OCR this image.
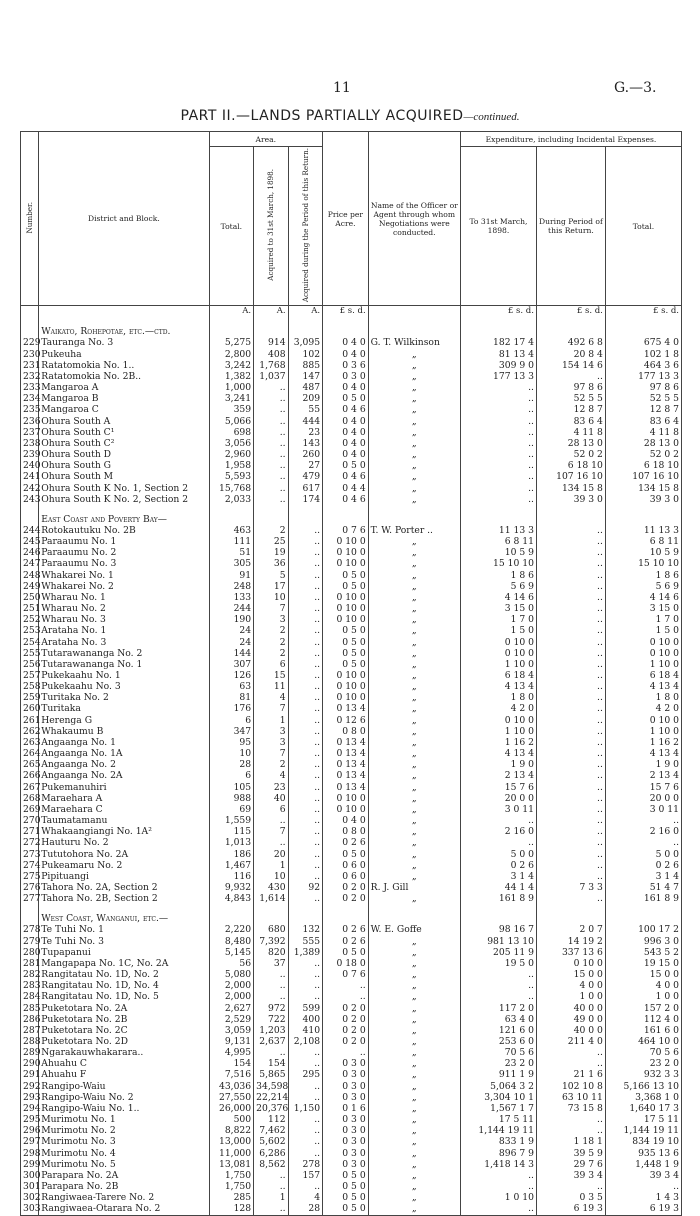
11	G.—3.
PART II.—LANDS PARTIALLY ACQUIRED—continued.
Number.	District and Block.	Area.			Price per Acre.	Name of the Officer or Agent through whom Negotiations were conducted.	Expenditure, including Incidental Expenses.		
		Total.	Acquired to 31st March, 1898.	Acquired during the Period of this Return.			To 31st March, 1898.	During Period of this Return.	Total.
		A.	A.	A.	£ s. d.		£ s. d.	£ s. d.	£ s. d.
	Waikato, Rohepotae, etc.—ctd.								
229	Tauranga No. 3	5,275	914	3,095	0 4 0	G. T. Wilkinson	182 17 4	492 6 8	675 4 0
230	Pukeuha	2,800	408	102	0 4 0	„	81 13 4	20 8 4	102 1 8
231	Ratatomokia No. 1..	3,242	1,768	885	0 3 6	„	309 9 0	154 14 6	464 3 6
232	Ratatomokia No. 2B..	1,382	1,037	147	0 3 0	„	177 13 3	..	177 13 3
233	Mangaroa A	1,000	..	487	0 4 0	„	..	97 8 6	97 8 6
234	Mangaroa B	3,241	..	209	0 5 0	„	..	52 5 5	52 5 5
235	Mangaroa C	359	..	55	0 4 6	„	..	12 8 7	12 8 7
236	Ohura South A	5,066	..	444	0 4 0	„	..	83 6 4	83 6 4
237	Ohura South C¹	698	..	23	0 4 0	„	..	4 11 8	4 11 8
238	Ohura South C²	3,056	..	143	0 4 0	„	..	28 13 0	28 13 0
239	Ohura South D	2,960	..	260	0 4 0	„	..	52 0 2	52 0 2
240	Ohura South G	1,958	..	27	0 5 0	„	..	6 18 10	6 18 10
241	Ohura South M	5,593	..	479	0 4 6	„	..	107 16 10	107 16 10
242	Ohura South K No. 1, Section 2	15,768	..	617	0 4 4	„	..	134 15 8	134 15 8
243	Ohura South K No. 2, Section 2	2,033	..	174	0 4 6	„	..	39 3 0	39 3 0
	East Coast and Poverty Bay—								
244	Rotokautuku No. 2B	463	2	..	0 7 6	T. W. Porter ..	11 13 3	..	11 13 3
245	Paraaumu No. 1	111	25	..	0 10 0	„	6 8 11	..	6 8 11
246	Paraaumu No. 2	51	19	..	0 10 0	„	10 5 9	..	10 5 9
247	Paraaumu No. 3	305	36	..	0 10 0	„	15 10 10	..	15 10 10
248	Whakarei No. 1	91	5	..	0 5 0	„	1 8 6	..	1 8 6
249	Whakarei No. 2	248	17	..	0 5 0	„	5 6 9	..	5 6 9
250	Wharau No. 1	133	10	..	0 10 0	„	4 14 6	..	4 14 6
251	Wharau No. 2	244	7	..	0 10 0	„	3 15 0	..	3 15 0
252	Wharau No. 3	190	3	..	0 10 0	„	1 7 0	..	1 7 0
253	Arataha No. 1	24	2	..	0 5 0	„	1 5 0	..	1 5 0
254	Arataha No. 3	24	2	..	0 5 0	„	0 10 0	..	0 10 0
255	Tutarawananga No. 2	144	2	..	0 5 0	„	0 10 0	..	0 10 0
256	Tutarawananga No. 1	307	6	..	0 5 0	„	1 10 0	..	1 10 0
257	Pukekaahu No. 1	126	15	..	0 10 0	„	6 18 4	..	6 18 4
258	Pukekaahu No. 3	63	11	..	0 10 0	„	4 13 4	..	4 13 4
259	Turitaka No. 2	81	4	..	0 10 0	„	1 8 0	..	1 8 0
260	Turitaka	176	7	..	0 13 4	„	4 2 0	..	4 2 0
261	Herenga G	6	1	..	0 12 6	„	0 10 0	..	0 10 0
262	Whakaumu B	347	3	..	0 8 0	„	1 10 0	..	1 10 0
263	Angaanga No. 1	95	3	..	0 13 4	„	1 16 2	..	1 16 2
264	Angaanga No. 1A	10	7	..	0 13 4	„	4 13 4	..	4 13 4
265	Angaanga No. 2	28	2	..	0 13 4	„	1 9 0	..	1 9 0
266	Angaanga No. 2A	6	4	..	0 13 4	„	2 13 4	..	2 13 4
267	Pukemanuhiri	105	23	..	0 13 4	„	15 7 6	..	15 7 6
268	Maraehara A	988	40	..	0 10 0	„	20 0 0	..	20 0 0
269	Maraehara C	69	6	..	0 10 0	„	3 0 11	..	3 0 11
270	Taumatamanu	1,559	..	..	0 4 0	„	..	..	..
271	Whakaangiangi No. 1A²	115	7	..	0 8 0	„	2 16 0	..	2 16 0
272	Hauturu No. 2	1,013	..	..	0 2 6	„	..	..	..
273	Tututohora No. 2A	186	20	..	0 5 0	„	5 0 0	..	5 0 0
274	Pukeamaru No. 2	1,467	1	..	0 6 0	„	0 2 6	..	0 2 6
275	Pipituangi	116	10	..	0 6 0	„	3 1 4	..	3 1 4
276	Tahora No. 2A, Section 2	9,932	430	92	0 2 0	R. J. Gill	44 1 4	7 3 3	51 4 7
277	Tahora No. 2B, Section 2	4,843	1,614	..	0 2 0	„	161 8 9	..	161 8 9
	West Coast, Wanganui, etc.—								
278	Te Tuhi No. 1	2,220	680	132	0 2 6	W. E. Goffe	98 16 7	2 0 7	100 17 2
279	Te Tuhi No. 3	8,480	7,392	555	0 2 6	„	981 13 10	14 19 2	996 3 0
280	Tupapanui	5,145	820	1,389	0 5 0	„	205 11 9	337 13 6	543 5 2
281	Mangapapa No. 1C, No. 2A	56	37	..	0 18 0	„	19 5 0	0 10 0	19 15 0
282	Rangitatau No. 1D, No. 2	5,080	..	..	0 7 6	„	..	15 0 0	15 0 0
283	Rangitatau No. 1D, No. 4	2,000	..	..	..	„	..	4 0 0	4 0 0
284	Rangitatau No. 1D, No. 5	2,000	..	..	..	„	..	1 0 0	1 0 0
285	Puketotara No. 2A	2,627	972	599	0 2 0	„	117 2 0	40 0 0	157 2 0
286	Puketotara No. 2B	2,529	722	400	0 2 0	„	63 4 0	49 0 0	112 4 0
287	Puketotara No. 2C	3,059	1,203	410	0 2 0	„	121 6 0	40 0 0	161 6 0
288	Puketotara No. 2D	9,131	2,637	2,108	0 2 0	„	253 6 0	211 4 0	464 10 0
289	Ngarakauwhakarara..	4,995	..	..	..	„	70 5 6	..	70 5 6
290	Ahuahu C	154	154	..	0 3 0	„	23 2 0	..	23 2 0
291	Ahuahu F	7,516	5,865	295	0 3 0	„	911 1 9	21 1 6	932 3 3
292	Rangipo-Waiu	43,036	34,598	..	0 3 0	„	5,064 3 2	102 10 8	5,166 13 10
293	Rangipo-Waiu No. 2	27,550	22,214	..	0 3 0	„	3,304 10 1	63 10 11	3,368 1 0
294	Rangipo-Waiu No. 1..	26,000	20,376	1,150	0 1 6	„	1,567 1 7	73 15 8	1,640 17 3
295	Murimotu No. 1	500	112	..	0 3 0	„	17 5 11	..	17 5 11
296	Murimotu No. 2	8,822	7,462	..	0 3 0	„	1,144 19 11	..	1,144 19 11
297	Murimotu No. 3	13,000	5,602	..	0 3 0	„	833 1 9	1 18 1	834 19 10
298	Murimotu No. 4	11,000	6,286	..	0 3 0	„	896 7 9	39 5 9	935 13 6
299	Murimotu No. 5	13,081	8,562	278	0 3 0	„	1,418 14 3	29 7 6	1,448 1 9
300	Parapara No. 2A	1,750	..	157	0 5 0	„	..	39 3 4	39 3 4
301	Parapara No. 2B	1,750	..	..	0 5 0	„	..	..	..
302	Rangiwaea-Tarere No. 2	285	1	4	0 5 0	„	1 0 10	0 3 5	1 4 3
303	Rangiwaea-Otarara No. 2	128	..	28	0 5 0	„	..	6 19 3	6 19 3
